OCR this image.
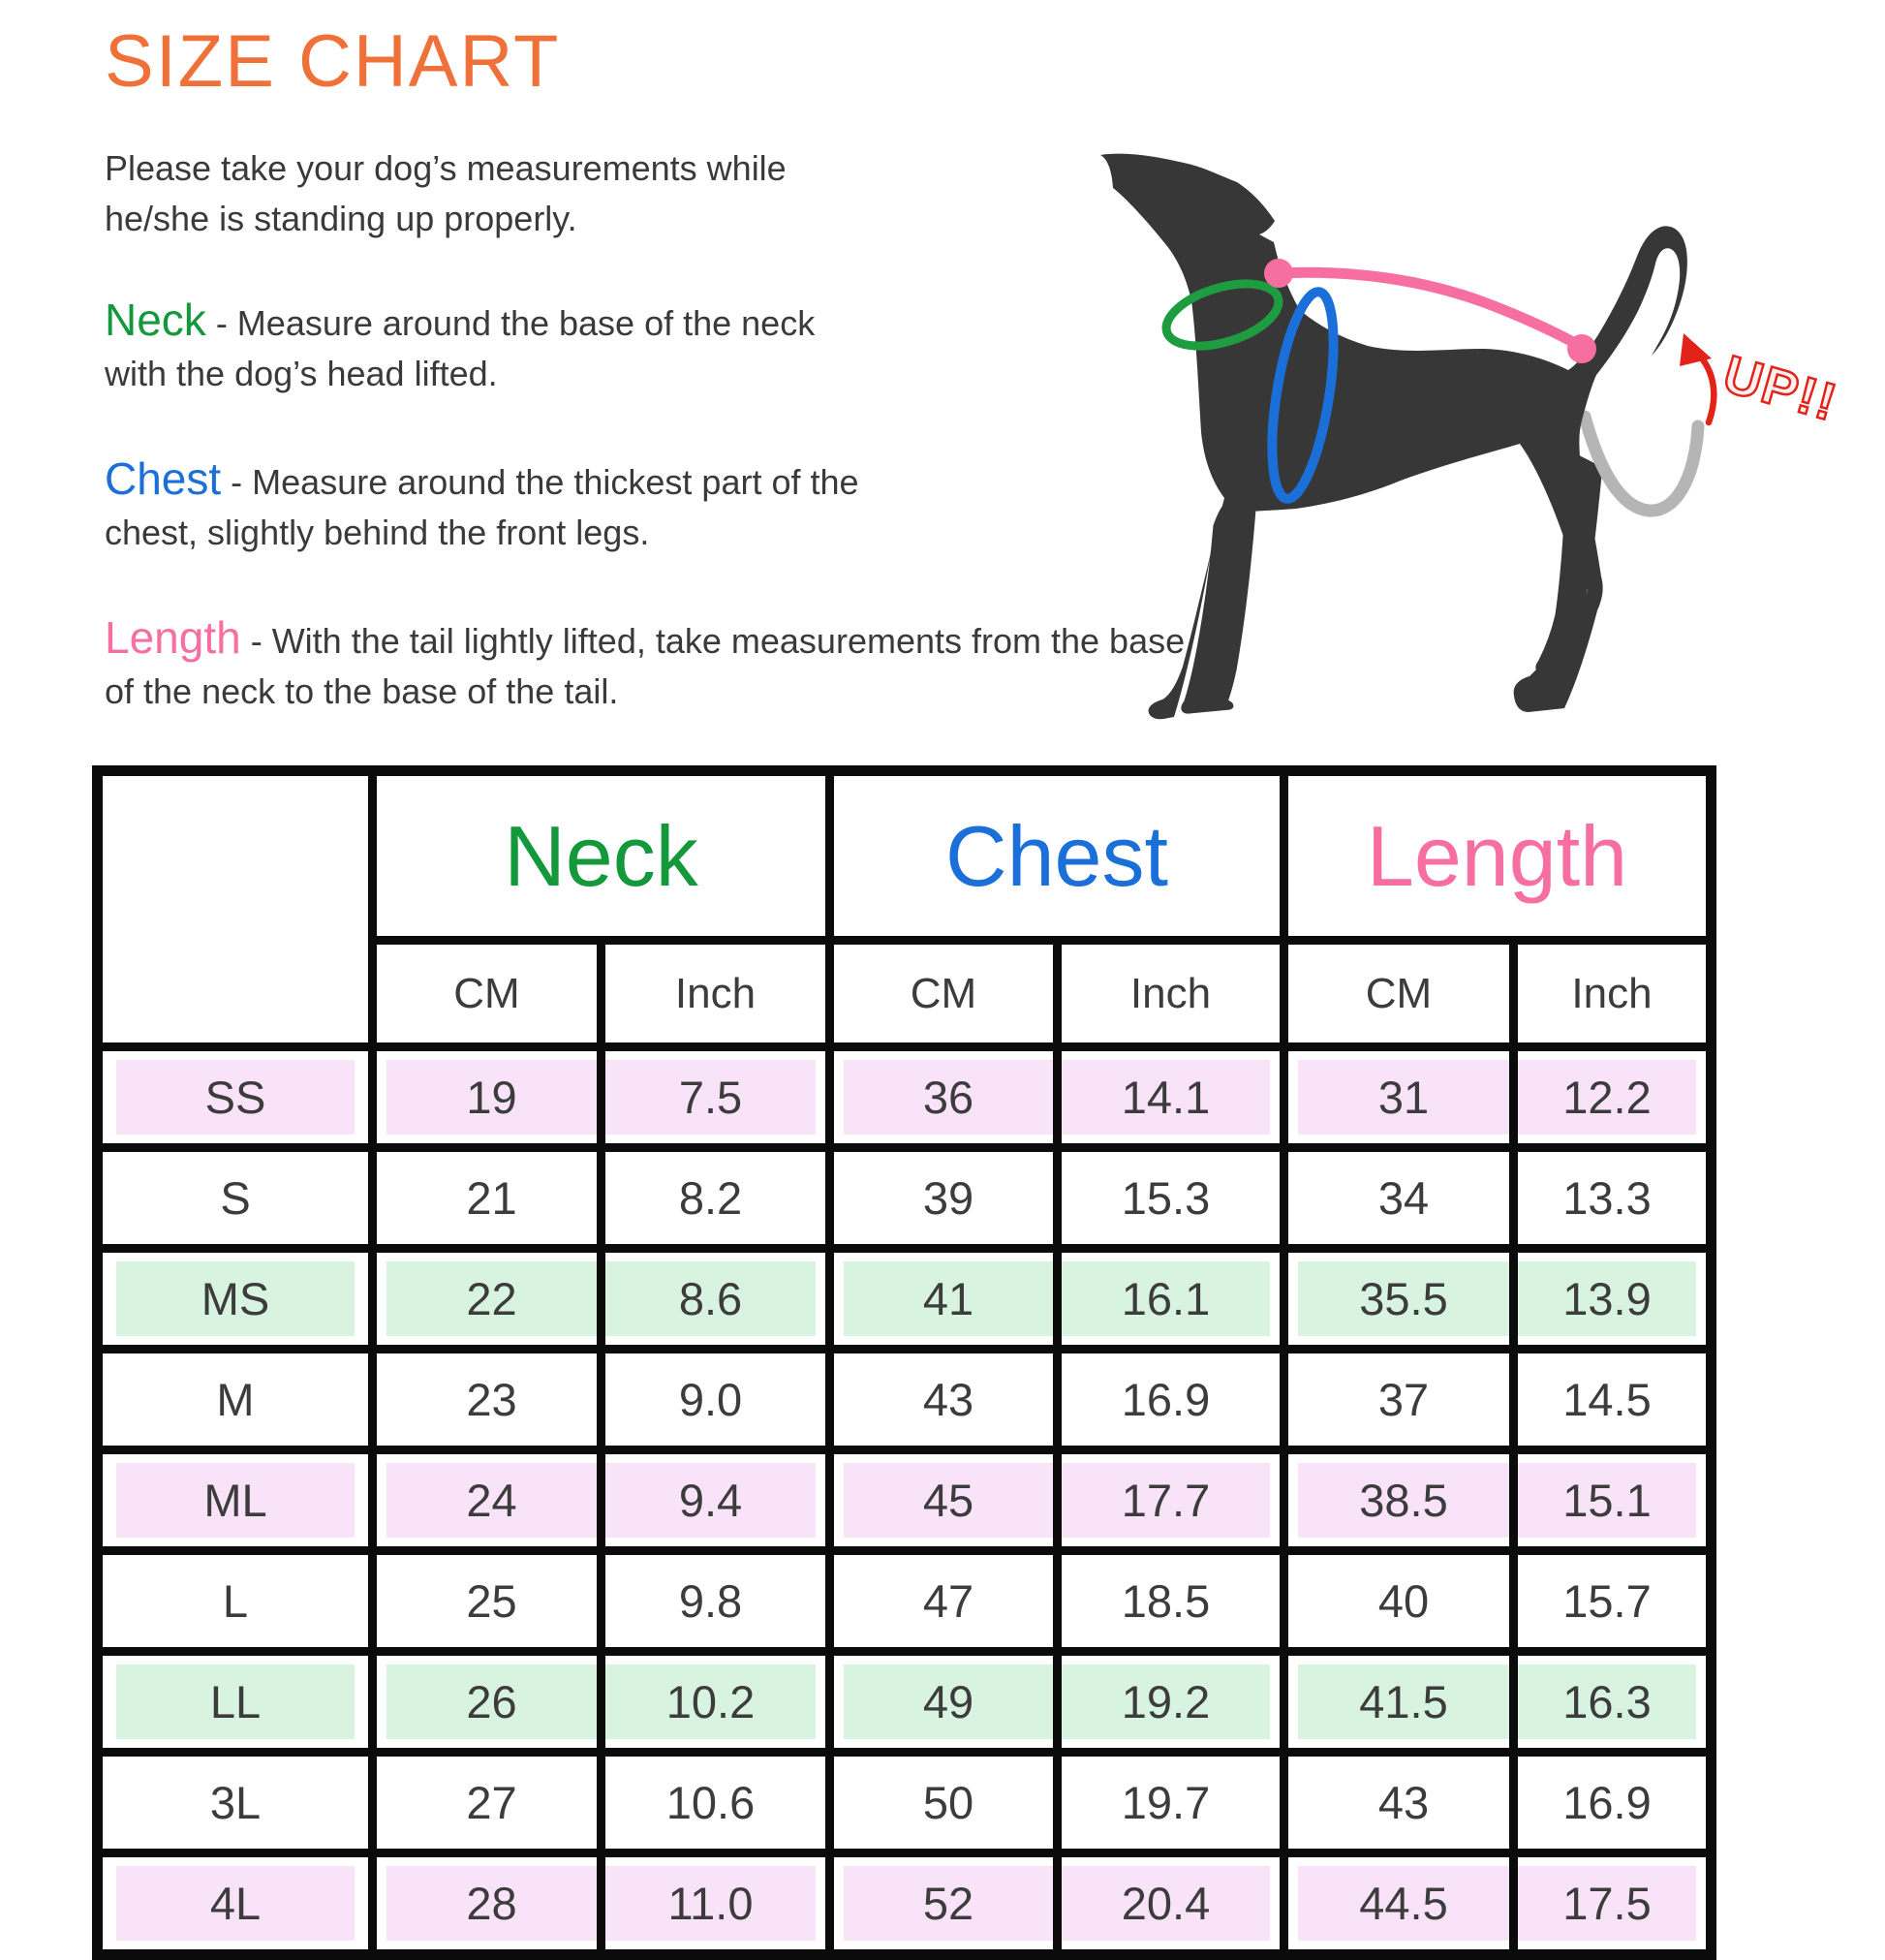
SIZE CHART

Please take your dog’s measurements while he/she is standing up properly.

Neck - Measure around the base of the neck with the dog’s head lifted.

Chest - Measure around the thickest part of the chest, slightly behind the front legs.

Length - With the tail lightly lifted, take measurements from the base of the neck to the base of the tail.

UP!!
	Neck		Chest		Length	
	CM	Inch	CM	Inch	CM	Inch

SS	19	7.5	36	14.1	31	12.2

S	21	8.2	39	15.3	34	13.3

MS	22	8.6	41	16.1	35.5	13.9

M	23	9.0	43	16.9	37	14.5

ML	24	9.4	45	17.7	38.5	15.1

L	25	9.8	47	18.5	40	15.7

LL	26	10.2	49	19.2	41.5	16.3

3L	27	10.6	50	19.7	43	16.9

4L	28	11.0	52	20.4	44.5	17.5
